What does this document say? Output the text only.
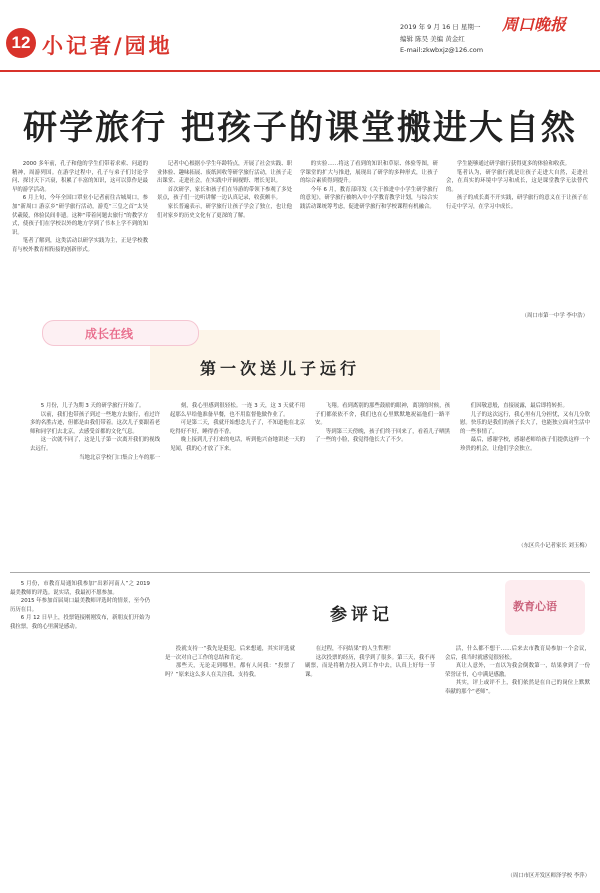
12 小记者/园地
周口晚报
2019 年 9 月 16 日 星期一
编辑 陈昊 美编 黄金红
E-mail:zkwbxjz@126.com
研学旅行 把孩子的课堂搬进大自然

2000 多年前，孔子和他的学生们带着求索、问道的精神，周游列国。在游学过程中，孔子与弟子们讨论学问、探讨天下兴衰，积累了丰富的知识，这可以算作是最早的游学活动。

6 月上旬，今年全国口罩业小记者前往古城周口，参加“新周口 游京乡”研学旅行活动，游览“三皇之首”太昊伏羲陵，体验民间非遗。这种“带着问题去旅行”的教学方式，使孩子们在学校以外的地方学到了书本上学不到的知识。

笔者了解到，这类活动以研学实践为主，正是学校教育与校外教育相衔接的创新形式。

记者中心根据小学生年龄特点，开展了社会实践、职业体验、趣味拓展、废纸回收等研学旅行活动，让孩子走出课堂、走进社会，在实践中开阔视野、增长见识。

首次研学，家长和孩子们在导游的带领下参观了多处景点，孩子们一边听讲解一边认真记录，收获颇丰。

家长普遍表示，研学旅行让孩子学会了独立，也让他们对家乡的历史文化有了更深的了解。

的实验……将这了看到的知识和草原、体验等图，研学课堂的扩大与推进，展现出了研学的多种形式，让孩子的综合素质得到提升。

今年 6 月，教育部印发《关于推进中小学生研学旅行的意见》，研学旅行被纳入中小学教育教学计划，与综合实践活动课统筹考虑，促进研学旅行和学校课程有机融合。

学生能够通过研学旅行获得更多的体验和收获。

笔者认为，研学旅行就是让孩子走进大自然，走进社会，在真实的环境中学习和成长，这是课堂教学无法替代的。

孩子的成长离不开实践，研学旅行的意义在于让孩子在行走中学习，在学习中成长。

（周口市第一中学 李中浩）

成长在线
第一次送儿子远行

5 月份，儿子为期 3 天的研学旅行开始了。

以前，我们也带孩子到过一些地方去旅行，看过许多的名胜古迹，但都是由我们带着。这次儿子要跟着老师和同学们去北京，去感受首都的文化气息。

这一次就不同了，这是儿子第一次离开我们的视线去远行。

当地北京学校门口集合上车的那一

刻，我心里感到很轻松。一连 3 天，这 3 天就不用起那么早给他准备早餐，也不用监督他做作业了。

可是第二天，我就开始想念儿子了，不知道他在北京吃得好不好，睡得香不香。

晚上接到儿子打来的电话，听到他兴奋地讲述一天的见闻，我的心才放了下来。

飞翔。看到离别的那些鼓励的眼神，离别的时候，孩子们都依依不舍，我们也在心里默默地祝福他们一路平安。

等到第三天傍晚，孩子们终于回来了，看着儿子晒黑了一些的小脸，我觉得他长大了不少。

们因敬意般，直接展露，最后即将转折。

儿子的这次远行，我心里有几分担忧，又有几分欣慰。快乐的是我们的孩子长大了，也能独立面对生活中的一些事情了。

最后，感谢学校，感谢老师给孩子们提供这样一个珍贵的机会，让他们学会独立。

（东区兵小记者家长 刘玉梅）

参评记	教育心语

5 月份，市教育局通知我参加“出彩河南人”之 2019 最美教师的评选。说实话，我最初不愿参加。

2015 年参加首届周口最美教师评选时的情景，至今仍历历在目。

6 月 12 日早上，投票链接刚刚发布，新朋友们开始为我拉票，我的心里满是感动。

投就支持一“我先是挺犯，后来想通，其实评选就是一次对自己工作的总结和肯定。

那些天，无论走到哪里，都有人问我：“投票了吗？”原来这么多人在关注我、支持我。

在过程，不问结果”的人生哲理！

这次投票的经历，我学到了很多。第三天，我不再刷票，而是将精力投入到工作中去，认真上好每一节课。

活，什么都不想干……后来去市教育局参加一个会议，会后，我当时就感觉很轻松。

真让人意外，一直以为我会倒数第一，结果拿到了一份荣誉证书，心中满是感激。

其实，评上或评不上，我们依然是在自己的岗位上默默奉献的那个“老师”。

（周口市区开发区师泽学校 李萍）
